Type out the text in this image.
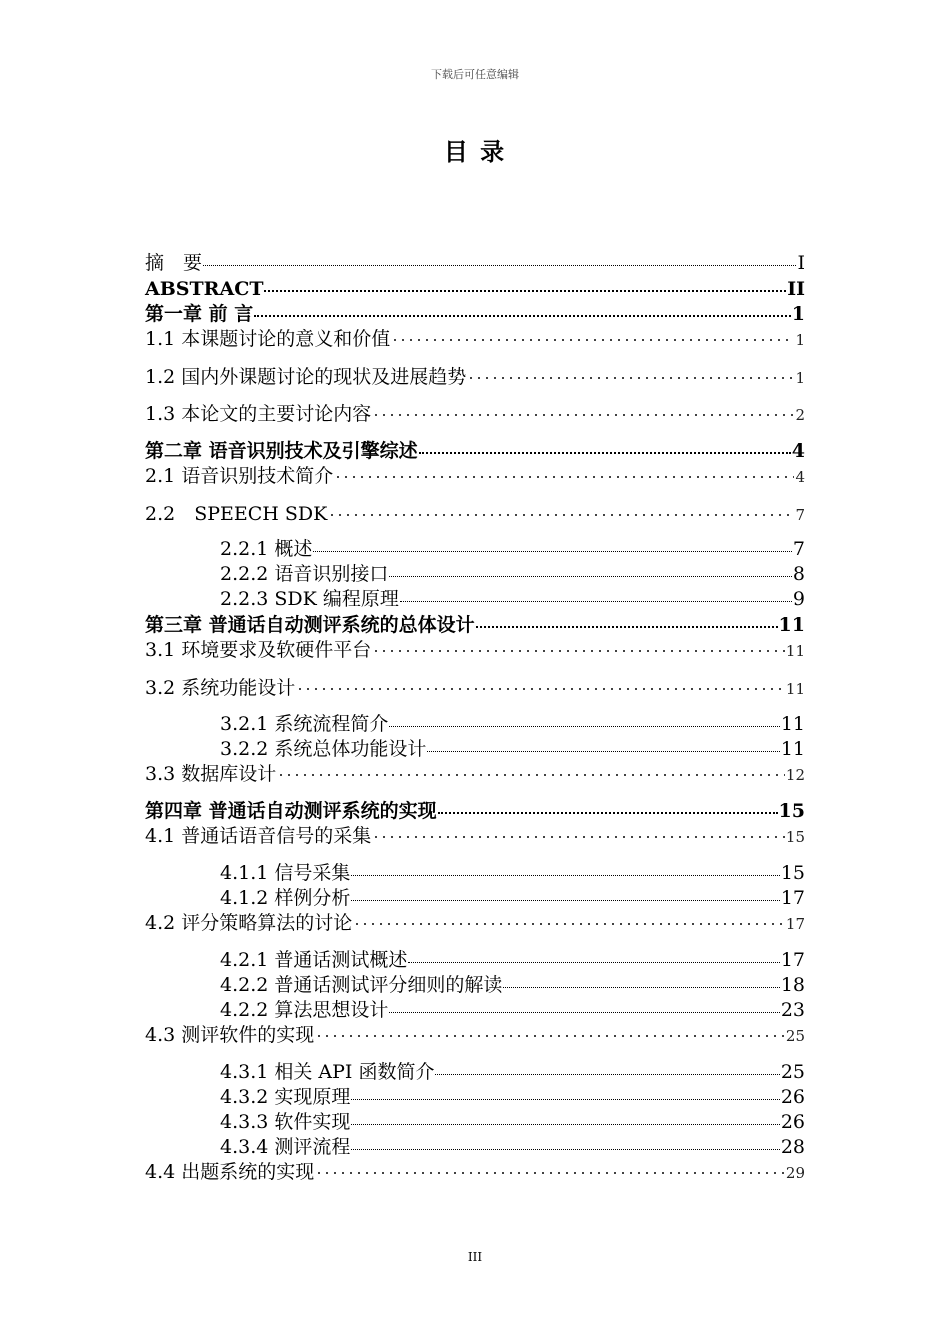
下载后可任意编辑
目 录
摘　要	I
ABSTRACT	II
第一章 前 言	1
1.1 本课题讨论的意义和价值	1
1.2 国内外课题讨论的现状及进展趋势	1
1.3 本论文的主要讨论内容	2
第二章 语音识别技术及引擎综述	4
2.1 语音识别技术简介	4
2.2　SPEECH SDK	7
2.2.1 概述	7
2.2.2 语音识别接口	8
2.2.3 SDK 编程原理	9
第三章 普通话自动测评系统的总体设计	11
3.1 环境要求及软硬件平台	11
3.2 系统功能设计	11
3.2.1 系统流程简介	11
3.2.2 系统总体功能设计	11
3.3 数据库设计	12
第四章 普通话自动测评系统的实现	15
4.1 普通话语音信号的采集	15
4.1.1 信号采集	15
4.1.2 样例分析	17
4.2 评分策略算法的讨论	17
4.2.1 普通话测试概述	17
4.2.2 普通话测试评分细则的解读	18
4.2.2 算法思想设计	23
4.3 测评软件的实现	25
4.3.1 相关 API 函数简介	25
4.3.2 实现原理	26
4.3.3 软件实现	26
4.3.4 测评流程	28
4.4 出题系统的实现	29
III
